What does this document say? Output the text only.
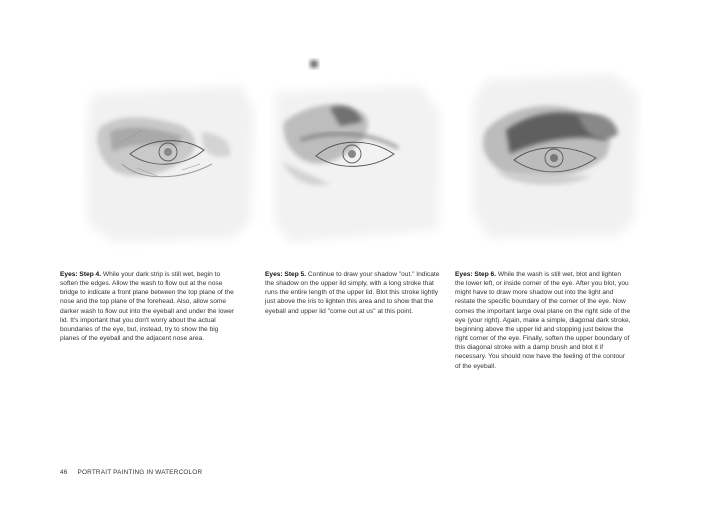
Eyes: Step 4. While your dark strip is still wet, begin to soften the edges. Allow the wash to flow out at the nose bridge to indicate a front plane between the top plane of the nose and the top plane of the forehead. Also, allow some darker wash to flow out into the eyeball and under the lower lid. It's important that you don't worry about the actual boundaries of the eye, but, instead, try to show the big planes of the eyeball and the adjacent nose area.
Eyes: Step 5. Continue to draw your shadow "out." Indicate the shadow on the upper lid simply, with a long stroke that runs the entire length of the upper lid. Blot this stroke lightly just above the iris to lighten this area and to show that the eyeball and upper lid "come out at us" at this point.
Eyes: Step 6. While the wash is still wet, blot and lighten the lower left, or inside corner of the eye. After you blot, you might have to draw more shadow out into the light and restate the specific boundary of the corner of the eye. Now comes the important large oval plane on the right side of the eye (your right). Again, make a simple, diagonal dark stroke, beginning above the upper lid and stopping just below the right corner of the eye. Finally, soften the upper boundary of this diagonal stroke with a damp brush and blot it if necessary. You should now have the feeling of the contour of the eyeball.
46 PORTRAIT PAINTING IN WATERCOLOR
